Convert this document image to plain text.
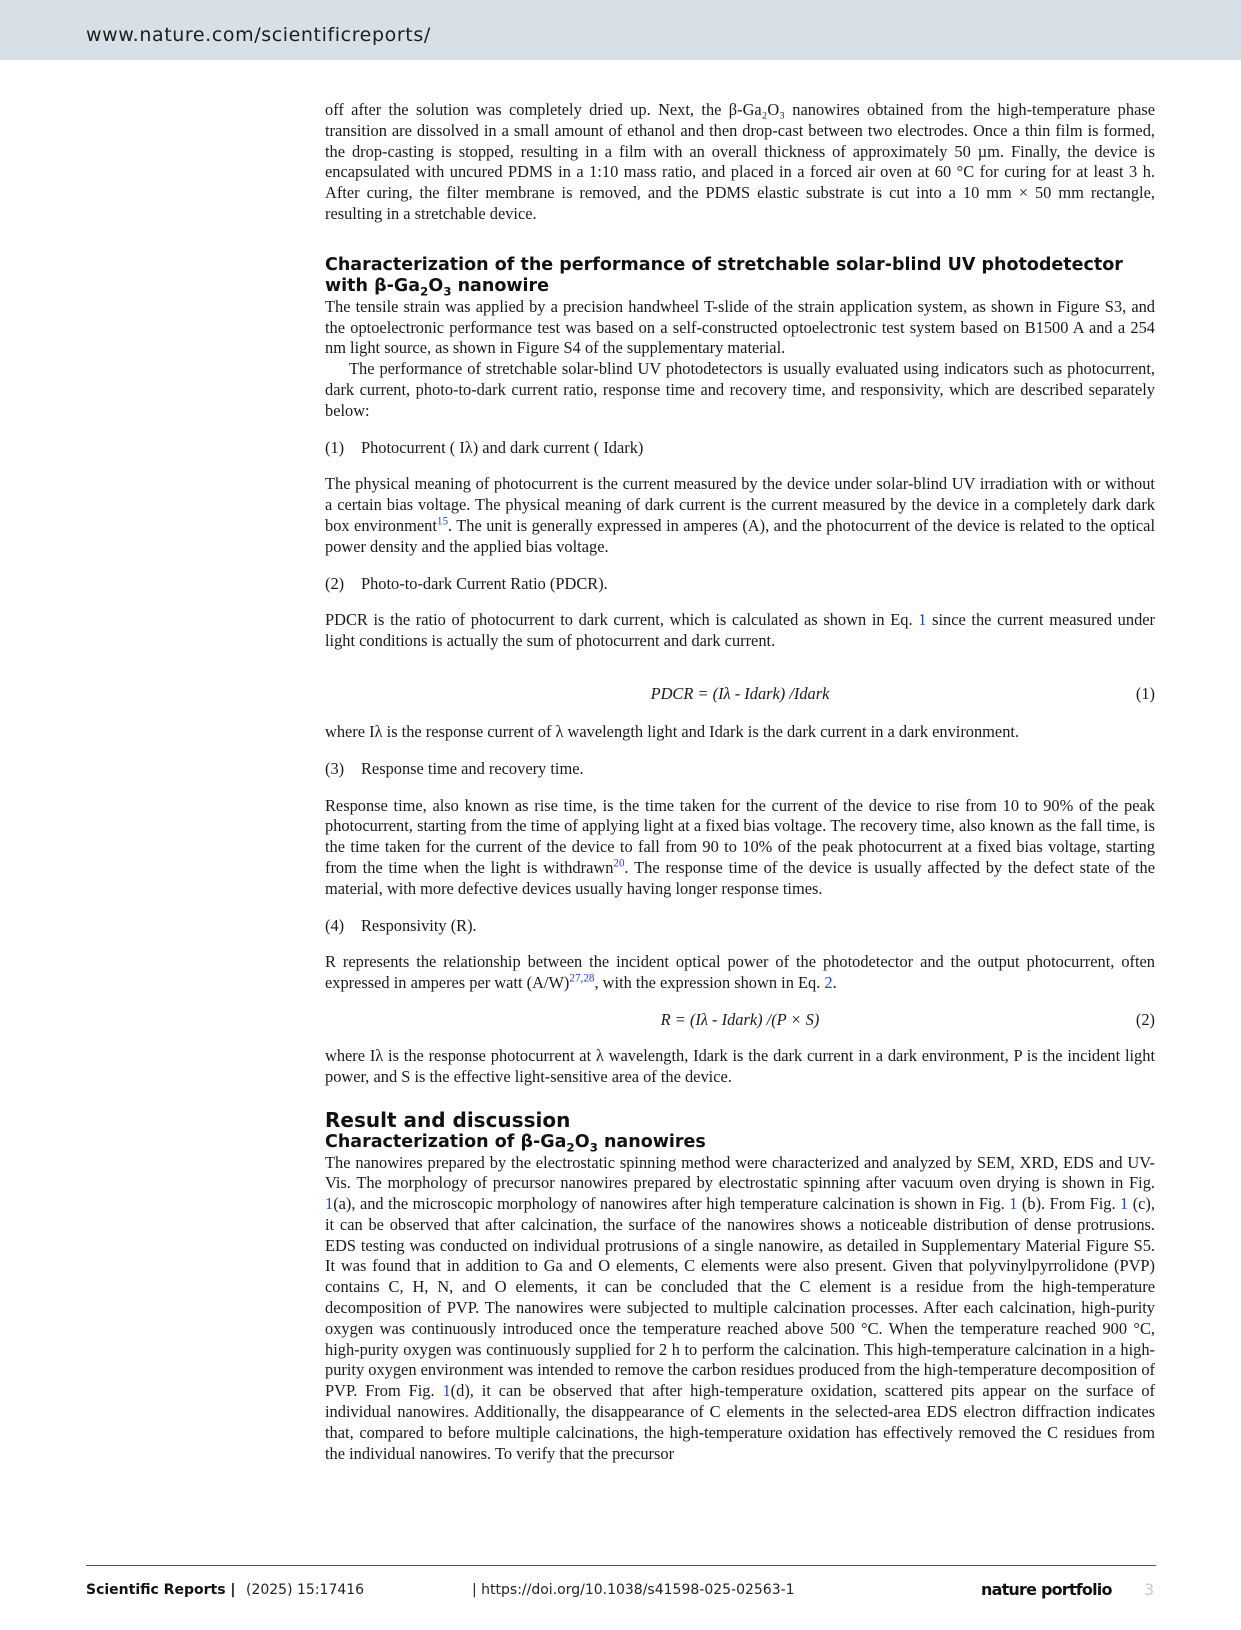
www.nature.com/scientificreports/

off after the solution was completely dried up. Next, the β-Ga₂O₃ nanowires obtained from the high-temperature phase transition are dissolved in a small amount of ethanol and then drop-cast between two electrodes. Once a thin film is formed, the drop-casting is stopped, resulting in a film with an overall thickness of approximately 50 µm. Finally, the device is encapsulated with uncured PDMS in a 1:10 mass ratio, and placed in a forced air oven at 60 °C for curing for at least 3 h. After curing, the filter membrane is removed, and the PDMS elastic substrate is cut into a 10 mm × 50 mm rectangle, resulting in a stretchable device.

Characterization of the performance of stretchable solar-blind UV photodetector with $\beta-Ga_2O_3$ nanowire

The tensile strain was applied by a precision handwheel T-slide of the strain application system, as shown in Figure S3, and the optoelectronic performance test was based on a self-constructed optoelectronic test system based on B1500 A and a 254 nm light source, as shown in Figure S4 of the supplementary material.

The performance of stretchable solar-blind UV photodetectors is usually evaluated using indicators such as photocurrent, dark current, photo-to-dark current ratio, response time and recovery time, and responsivity, which are described separately below:

(1) Photocurrent ( Iλ) and dark current ( Idark)

The physical meaning of photocurrent is the current measured by the device under solar-blind UV irradiation with or without a certain bias voltage. The physical meaning of dark current is the current measured by the device in a completely dark dark box environment$^{15}$. The unit is generally expressed in amperes (A), and the photocurrent of the device is related to the optical power density and the applied bias voltage.

(2) Photo-to-dark Current Ratio (PDCR).

PDCR is the ratio of photocurrent to dark current, which is calculated as shown in Eq. 1 since the current measured under light conditions is actually the sum of photocurrent and dark current.

PDCR = (Iλ - Idark) /Idark	(1)

where Iλ is the response current of λ wavelength light and Idark is the dark current in a dark environment.

(3) Response time and recovery time.

Response time, also known as rise time, is the time taken for the current of the device to rise from 10 to 90% of the peak photocurrent, starting from the time of applying light at a fixed bias voltage. The recovery time, also known as the fall time, is the time taken for the current of the device to fall from 90 to 10% of the peak photocurrent at a fixed bias voltage, starting from the time when the light is withdrawn$^{20}$. The response time of the device is usually affected by the defect state of the material, with more defective devices usually having longer response times.

(4) Responsivity (R).

R represents the relationship between the incident optical power of the photodetector and the output photocurrent, often expressed in amperes per watt (A/W)$^{27,28}$, with the expression shown in Eq. 2.

R = (Iλ - Idark) /(P × S)	(2)

where Iλ is the response photocurrent at λ wavelength, Idark is the dark current in a dark environment, P is the incident light power, and S is the effective light-sensitive area of the device.

Result and discussion
Characterization of $\beta-Ga_2O_3$ nanowires

The nanowires prepared by the electrostatic spinning method were characterized and analyzed by SEM, XRD, EDS and UV-Vis. The morphology of precursor nanowires prepared by electrostatic spinning after vacuum oven drying is shown in Fig. 1(a), and the microscopic morphology of nanowires after high temperature calcination is shown in Fig. 1 (b). From Fig. 1 (c), it can be observed that after calcination, the surface of the nanowires shows a noticeable distribution of dense protrusions. EDS testing was conducted on individual protrusions of a single nanowire, as detailed in Supplementary Material Figure S5. It was found that in addition to Ga and O elements, C elements were also present. Given that polyvinylpyrrolidone (PVP) contains C, H, N, and O elements, it can be concluded that the C element is a residue from the high-temperature decomposition of PVP. The nanowires were subjected to multiple calcination processes. After each calcination, high-purity oxygen was continuously introduced once the temperature reached above 500 °C. When the temperature reached 900 °C, high-purity oxygen was continuously supplied for 2 h to perform the calcination. This high-temperature calcination in a high-purity oxygen environment was intended to remove the carbon residues produced from the high-temperature decomposition of PVP. From Fig. 1(d), it can be observed that after high-temperature oxidation, scattered pits appear on the surface of individual nanowires. Additionally, the disappearance of C elements in the selected-area EDS electron diffraction indicates that, compared to before multiple calcinations, the high-temperature oxidation has effectively removed the C residues from the individual nanowires. To verify that the precursor

Scientific Reports | (2025) 15:17416	| https://doi.org/10.1038/s41598-025-02563-1	nature portfolio 3
